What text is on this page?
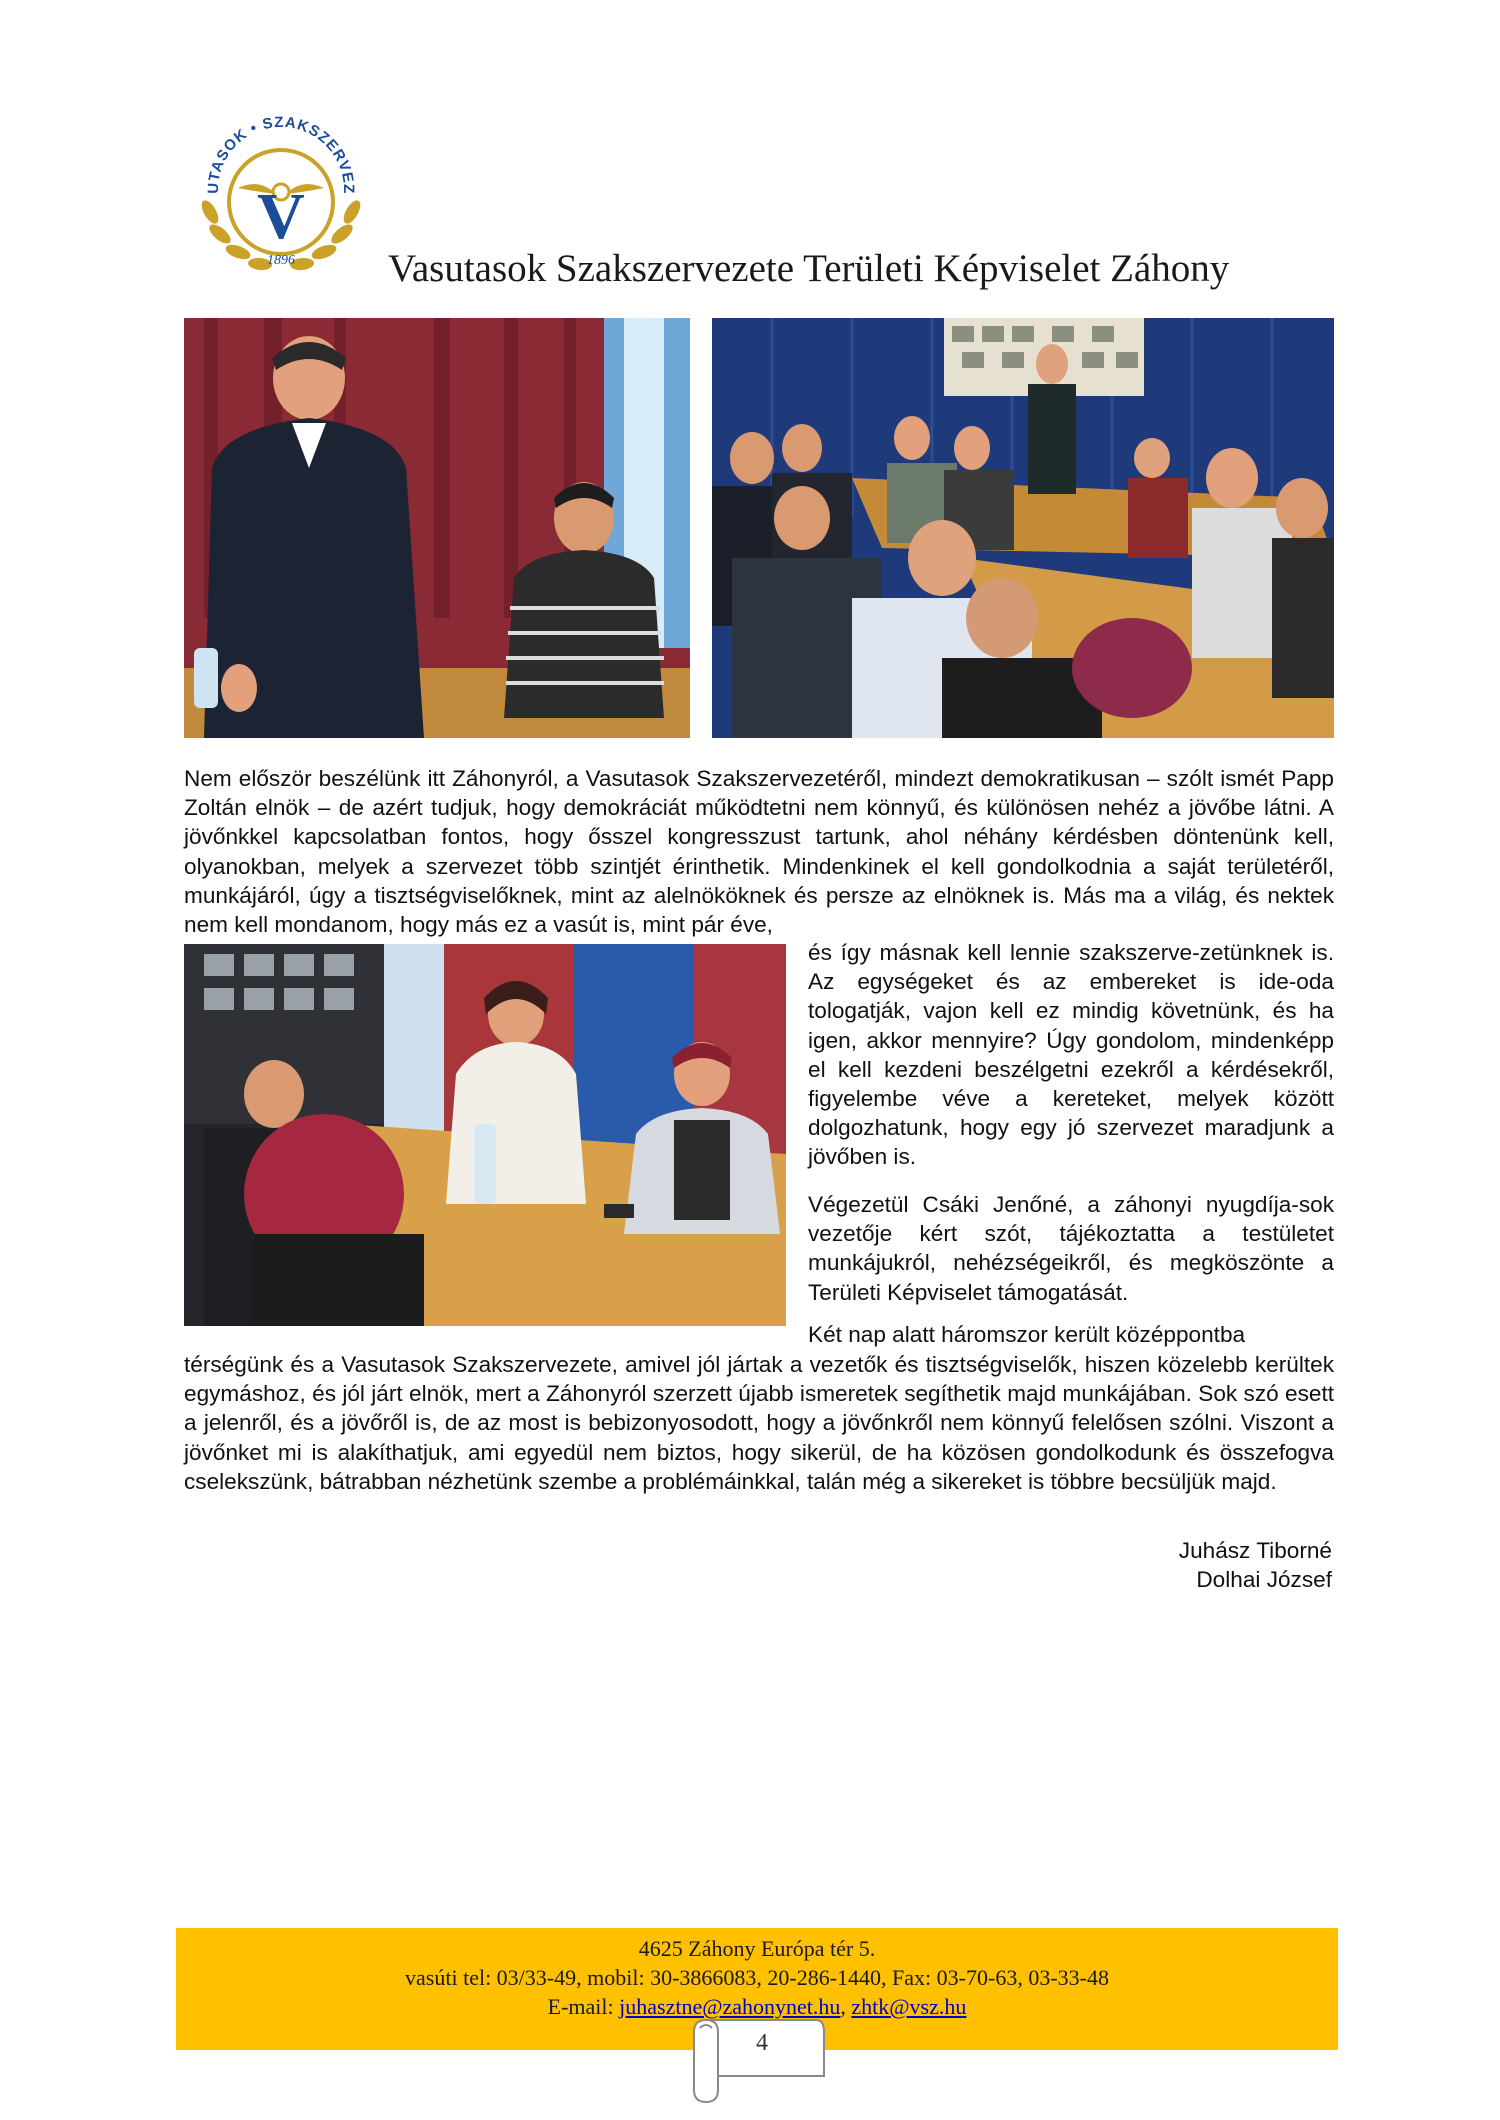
V
UTASOK • SZAKSZERVEZ
1896 Vasutasok Szakszervezete Területi Képviselet Záhony

Nem először beszélünk itt Záhonyról, a Vasutasok Szakszervezetéről, mindezt demokratikusan – szólt ismét Papp Zoltán elnök – de azért tudjuk, hogy demokráciát működtetni nem könnyű, és különösen nehéz a jövőbe látni. A jövőnkkel kapcsolatban fontos, hogy ősszel kongresszust tartunk, ahol néhány kérdésben döntenünk kell, olyanokban, melyek a szervezet több szintjét érinthetik. Mindenkinek el kell gondolkodnia a saját területéről, munkájáról, úgy a tisztségviselőknek, mint az alelnököknek és persze az elnöknek is. Más ma a világ, és nektek nem kell mondanom, hogy más ez a vasút is, mint pár éve,

és így másnak kell lennie szakszerve-zetünknek is. Az egységeket és az embereket is ide-oda tologatják, vajon kell ez mindig követnünk, és ha igen, akkor mennyire? Úgy gondolom, mindenképp el kell kezdeni beszélgetni ezekről a kérdésekről, figyelembe véve a kereteket, melyek között dolgozhatunk, hogy egy jó szervezet maradjunk a jövőben is.

Végezetül Csáki Jenőné, a záhonyi nyugdíja-sok vezetője kért szót, tájékoztatta a testületet munkájukról, nehézségeikről, és megköszönte a Területi Képviselet támogatását.

Két nap alatt háromszor került középpontba

térségünk és a Vasutasok Szakszervezete, amivel jól jártak a vezetők és tisztségviselők, hiszen közelebb kerültek egymáshoz, és jól járt elnök, mert a Záhonyról szerzett újabb ismeretek segíthetik majd munkájában. Sok szó esett a jelenről, és a jövőről is, de az most is bebizonyosodott, hogy a jövőnkről nem könnyű felelősen szólni. Viszont a jövőnket mi is alakíthatjuk, ami egyedül nem biztos, hogy sikerül, de ha közösen gondolkodunk és összefogva cselekszünk, bátrabban nézhetünk szembe a problémáinkkal, talán még a sikereket is többre becsüljük majd.

Juhász Tiborné
Dolhai József

4625 Záhony Európa tér 5.
vasúti tel: 03/33-49, mobil: 30-3866083, 20-286-1440, Fax: 03-70-63, 03-33-48
E-mail: juhasztne@zahonynet.hu, zhtk@vsz.hu
4
